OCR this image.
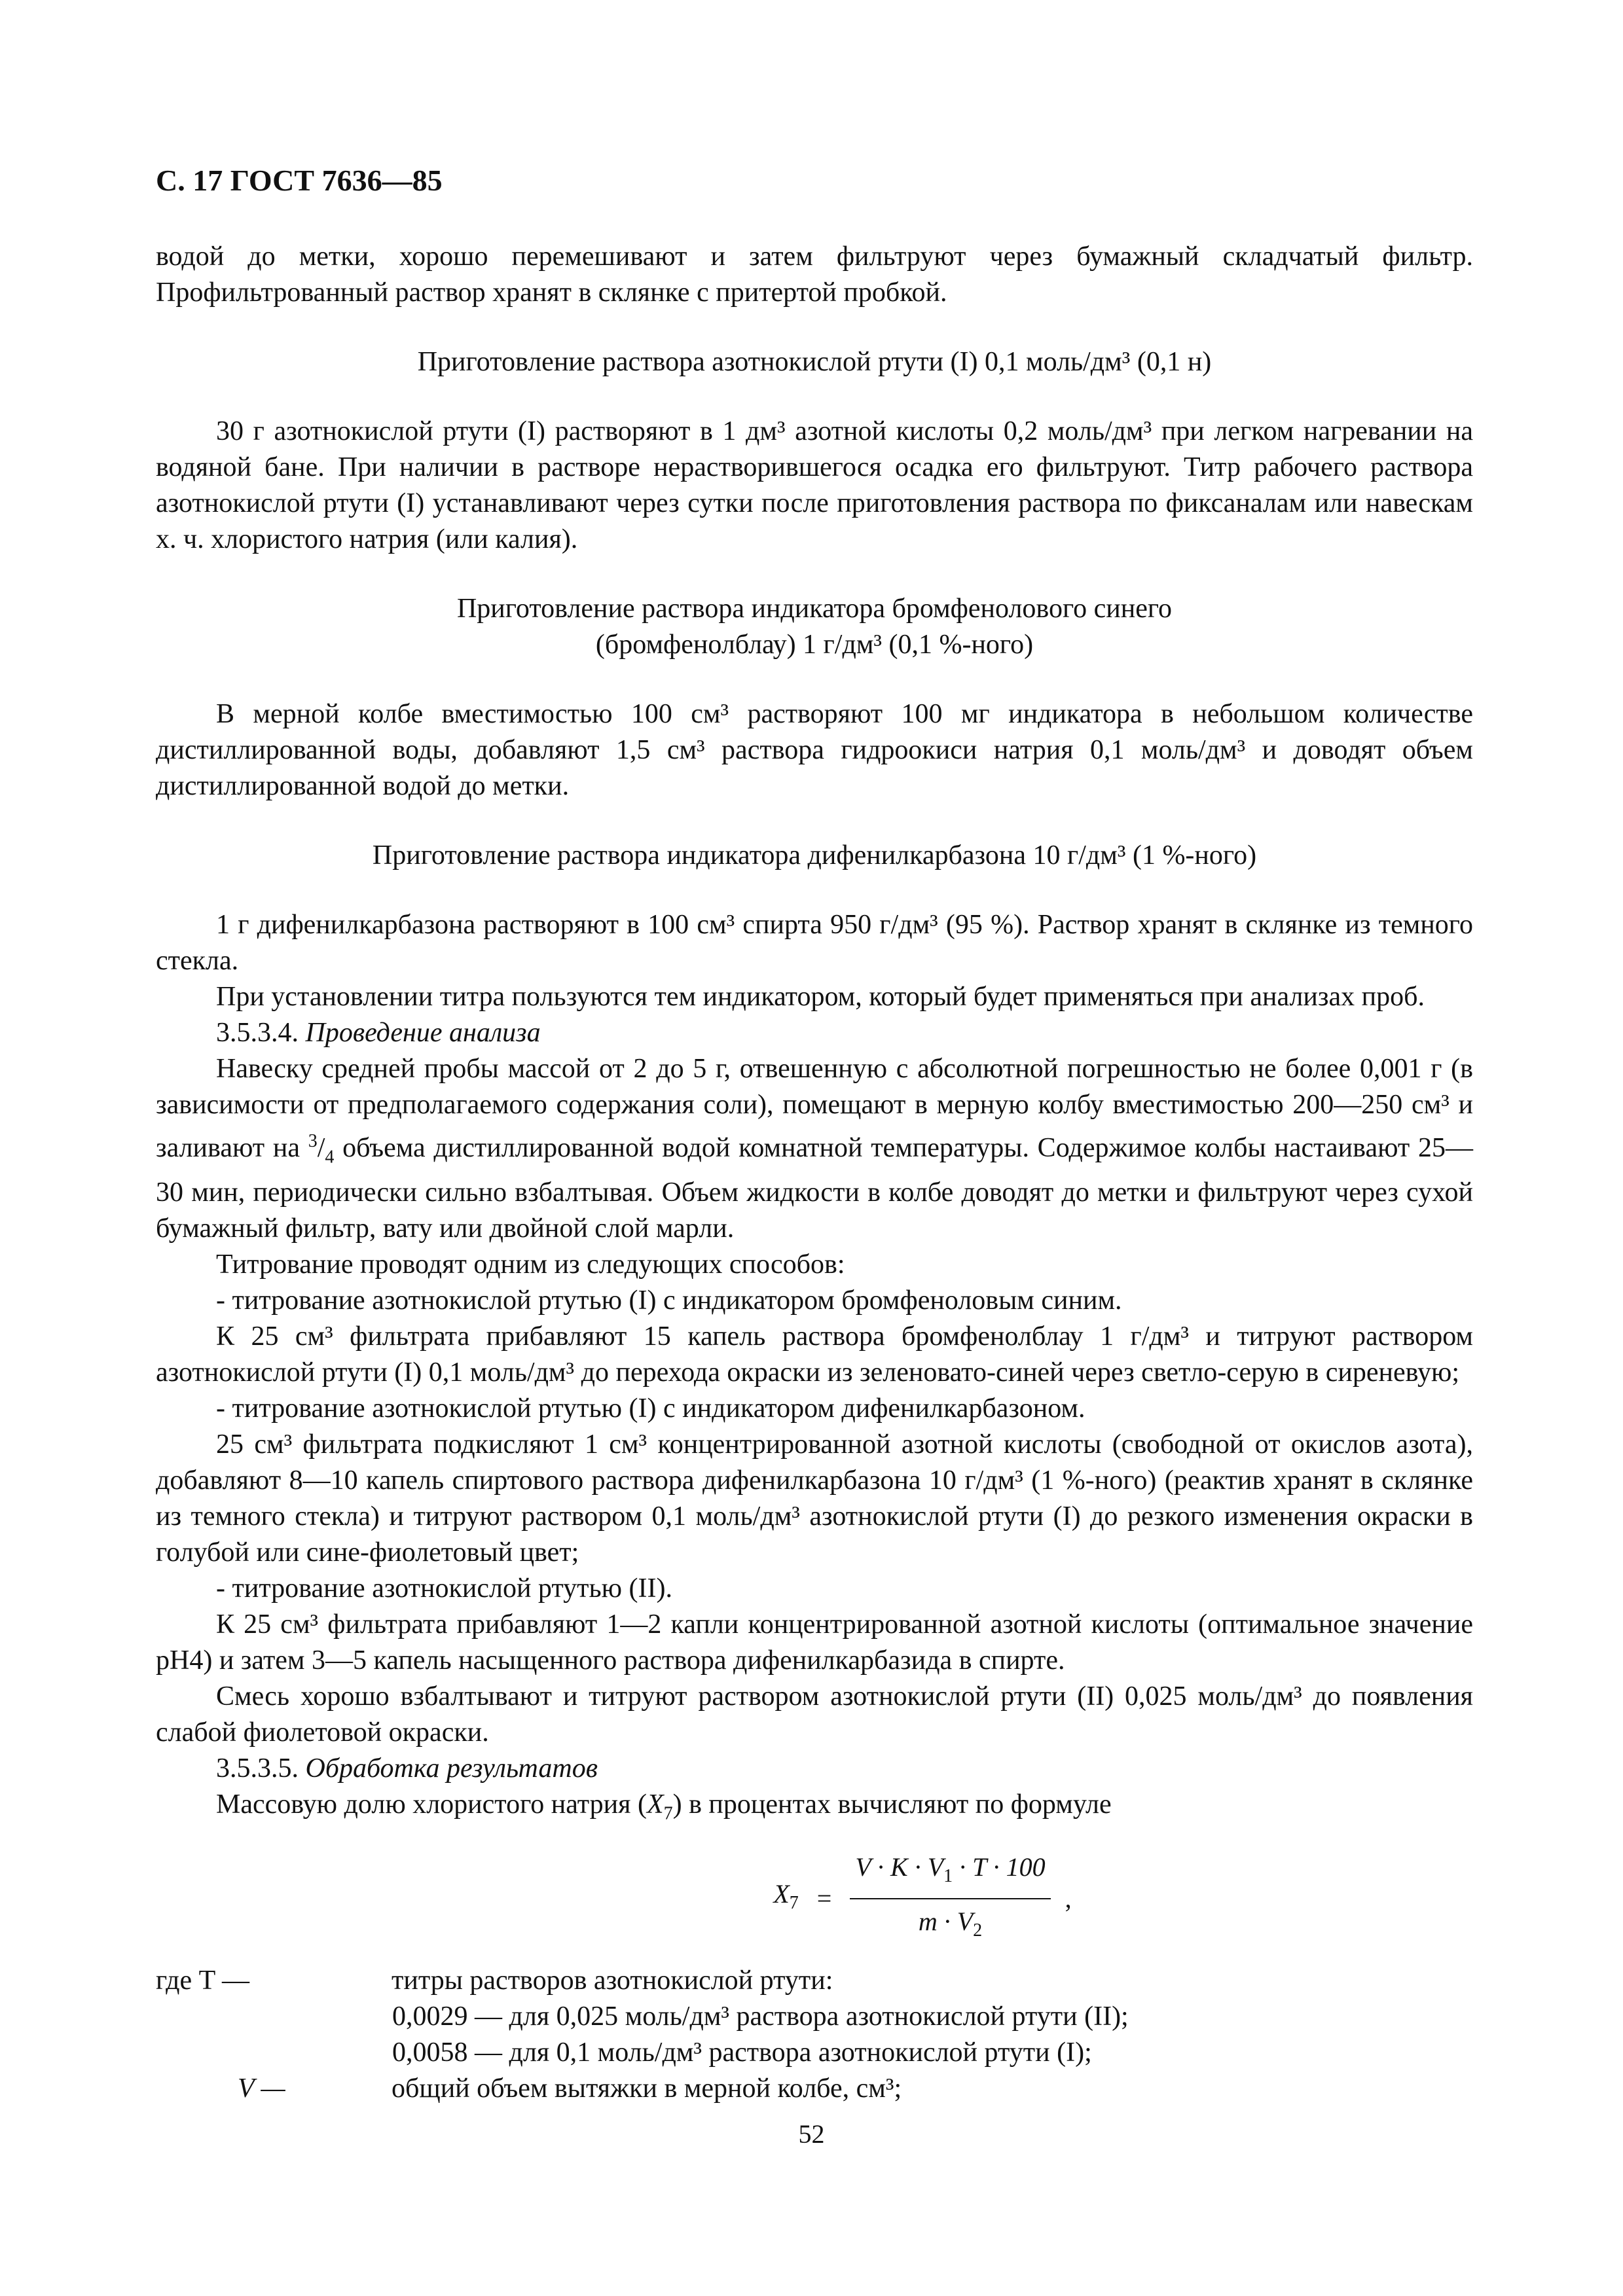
С. 17 ГОСТ 7636—85

водой до метки, хорошо перемешивают и затем фильтруют через бумажный складчатый фильтр. Профильтрованный раствор хранят в склянке с притертой пробкой.

Приготовление раствора азотнокислой ртути (I) 0,1 моль/дм³ (0,1 н)

30 г азотнокислой ртути (I) растворяют в 1 дм³ азотной кислоты 0,2 моль/дм³ при легком нагревании на водяной бане. При наличии в растворе нерастворившегося осадка его фильтруют. Титр рабочего раствора азотнокислой ртути (I) устанавливают через сутки после приготовления раствора по фиксаналам или навескам х. ч. хлористого натрия (или калия).

Приготовление раствора индикатора бромфенолового синего
(бромфенолблау) 1 г/дм³ (0,1 %-ного)

В мерной колбе вместимостью 100 см³ растворяют 100 мг индикатора в небольшом количестве дистиллированной воды, добавляют 1,5 см³ раствора гидроокиси натрия 0,1 моль/дм³ и доводят объем дистиллированной водой до метки.

Приготовление раствора индикатора дифенилкарбазона 10 г/дм³ (1 %-ного)

1 г дифенилкарбазона растворяют в 100 см³ спирта 950 г/дм³ (95 %). Раствор хранят в склянке из темного стекла.

При установлении титра пользуются тем индикатором, который будет применяться при анализах проб.

3.5.3.4. Проведение анализа

Навеску средней пробы массой от 2 до 5 г, отвешенную с абсолютной погрешностью не более 0,001 г (в зависимости от предполагаемого содержания соли), помещают в мерную колбу вместимостью 200—250 см³ и заливают на $^3/_4$ объема дистиллированной водой комнатной температуры. Содержимое колбы настаивают 25—30 мин, периодически сильно взбалтывая. Объем жидкости в колбе доводят до метки и фильтруют через сухой бумажный фильтр, вату или двойной слой марли.

Титрование проводят одним из следующих способов:

- титрование азотнокислой ртутью (I) с индикатором бромфеноловым синим.

К 25 см³ фильтрата прибавляют 15 капель раствора бромфенолблау 1 г/дм³ и титруют раствором азотнокислой ртути (I) 0,1 моль/дм³ до перехода окраски из зеленовато-синей через светло-серую в сиреневую;

- титрование азотнокислой ртутью (I) с индикатором дифенилкарбазоном.

25 см³ фильтрата подкисляют 1 см³ концентрированной азотной кислоты (свободной от окислов азота), добавляют 8—10 капель спиртового раствора дифенилкарбазона 10 г/дм³ (1 %-ного) (реактив хранят в склянке из темного стекла) и титруют раствором 0,1 моль/дм³ азотнокислой ртути (I) до резкого изменения окраски в голубой или сине-фиолетовый цвет;

- титрование азотнокислой ртутью (II).

К 25 см³ фильтрата прибавляют 1—2 капли концентрированной азотной кислоты (оптимальное значение pH4) и затем 3—5 капель насыщенного раствора дифенилкарбазида в спирте.

Смесь хорошо взбалтывают и титруют раствором азотнокислой ртути (II) 0,025 моль/дм³ до появления слабой фиолетовой окраски.

3.5.3.5. Обработка результатов

Массовую долю хлористого натрия $(X_7)$ в процентах вычисляют по формуле

$X_7 = \frac{V \cdot K \cdot V_1 \cdot T \cdot 100}{m \cdot V_2}$ ,
где T —	титры растворов азотнокислой ртути:
0,0029 — для 0,025 моль/дм³ раствора азотнокислой ртути (II);
0,0058 — для 0,1 моль/дм³ раствора азотнокислой ртути (I);
V —	общий объем вытяжки в мерной колбе, см³;
52
